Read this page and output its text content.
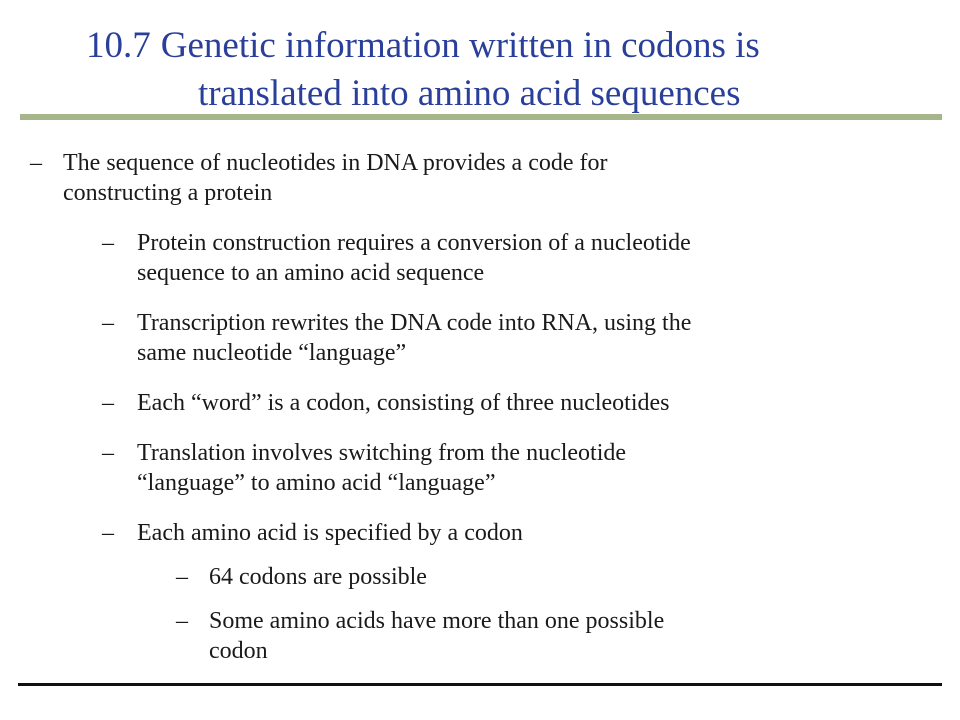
10.7 Genetic information written in codons is
translated into amino acid sequences
– The sequence of nucleotides in DNA provides a code for
constructing a protein
– Protein construction requires a conversion of a nucleotide
sequence to an amino acid sequence
– Transcription rewrites the DNA code into RNA, using the
same nucleotide “language”
– Each “word” is a codon, consisting of three nucleotides
– Translation involves switching from the nucleotide
“language” to amino acid “language”
– Each amino acid is specified by a codon
– 64 codons are possible
– Some amino acids have more than one possible
codon
